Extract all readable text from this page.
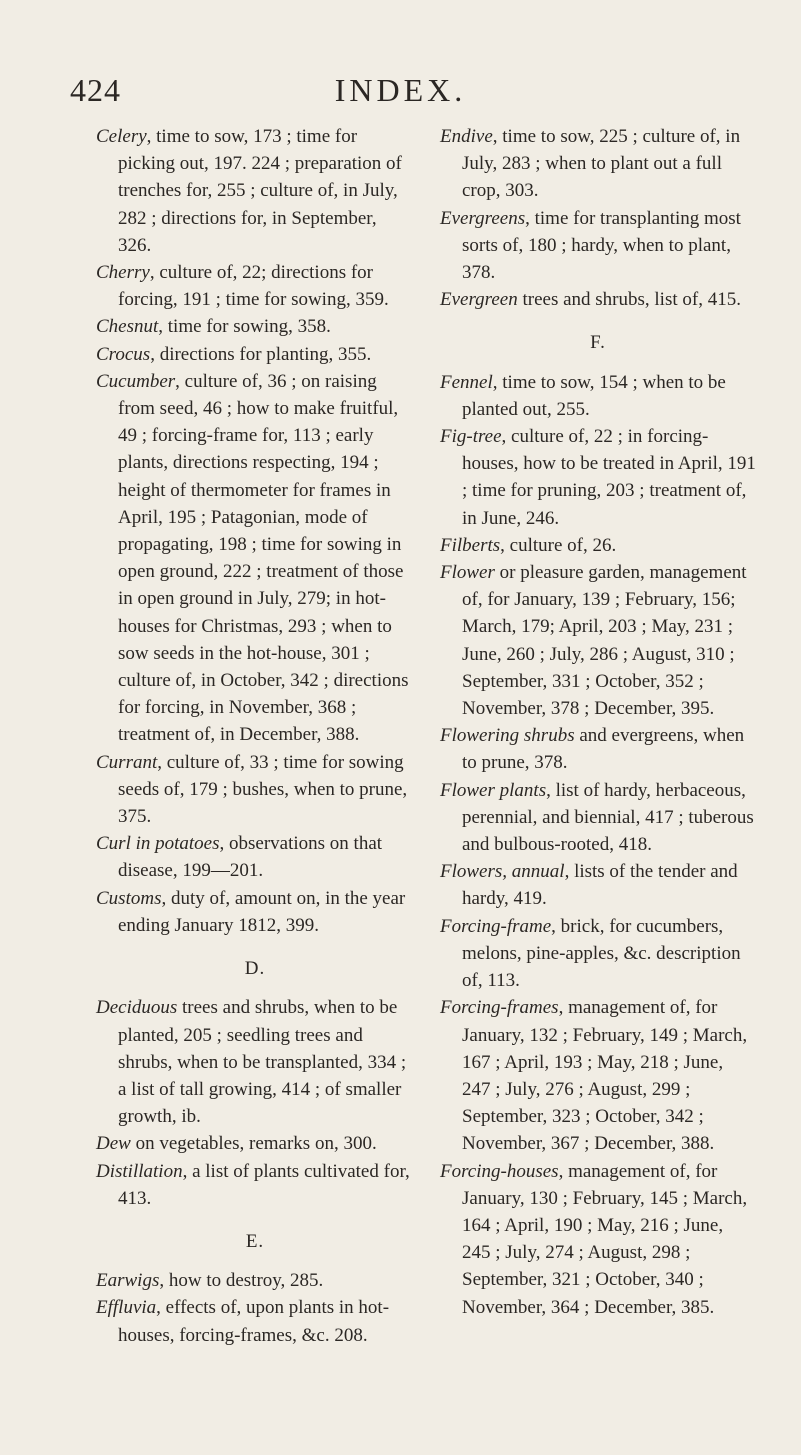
424	INDEX.
Celery, time to sow, 173 ; time for picking out, 197. 224 ; preparation of trenches for, 255 ; culture of, in July, 282 ; directions for, in September, 326.
Cherry, culture of, 22; directions for forcing, 191 ; time for sowing, 359.
Chesnut, time for sowing, 358.
Crocus, directions for planting, 355.
Cucumber, culture of, 36 ; on raising from seed, 46 ; how to make fruitful, 49 ; forcing-frame for, 113 ; early plants, directions respecting, 194 ; height of thermometer for frames in April, 195 ; Patagonian, mode of propagating, 198 ; time for sowing in open ground, 222 ; treatment of those in open ground in July, 279; in hot-houses for Christmas, 293 ; when to sow seeds in the hot-house, 301 ; culture of, in October, 342 ; directions for forcing, in November, 368 ; treatment of, in December, 388.
Currant, culture of, 33 ; time for sowing seeds of, 179 ; bushes, when to prune, 375.
Curl in potatoes, observations on that disease, 199—201.
Customs, duty of, amount on, in the year ending January 1812, 399.
D.
Deciduous trees and shrubs, when to be planted, 205 ; seedling trees and shrubs, when to be transplanted, 334 ; a list of tall growing, 414 ; of smaller growth, ib.
Dew on vegetables, remarks on, 300.
Distillation, a list of plants cultivated for, 413.
E.
Earwigs, how to destroy, 285.
Effluvia, effects of, upon plants in hot-houses, forcing-frames, &c. 208.
Endive, time to sow, 225 ; culture of, in July, 283 ; when to plant out a full crop, 303.
Evergreens, time for transplanting most sorts of, 180 ; hardy, when to plant, 378.
Evergreen trees and shrubs, list of, 415.
F.
Fennel, time to sow, 154 ; when to be planted out, 255.
Fig-tree, culture of, 22 ; in forcing-houses, how to be treated in April, 191 ; time for pruning, 203 ; treatment of, in June, 246.
Filberts, culture of, 26.
Flower or pleasure garden, management of, for January, 139 ; February, 156; March, 179; April, 203 ; May, 231 ; June, 260 ; July, 286 ; August, 310 ; September, 331 ; October, 352 ; November, 378 ; December, 395.
Flowering shrubs and evergreens, when to prune, 378.
Flower plants, list of hardy, herbaceous, perennial, and biennial, 417 ; tuberous and bulbous-rooted, 418.
Flowers, annual, lists of the tender and hardy, 419.
Forcing-frame, brick, for cucumbers, melons, pine-apples, &c. description of, 113.
Forcing-frames, management of, for January, 132 ; February, 149 ; March, 167 ; April, 193 ; May, 218 ; June, 247 ; July, 276 ; August, 299 ; September, 323 ; October, 342 ; November, 367 ; December, 388.
Forcing-houses, management of, for January, 130 ; February, 145 ; March, 164 ; April, 190 ; May, 216 ; June, 245 ; July, 274 ; August, 298 ; September, 321 ; October, 340 ; November, 364 ; December, 385.
